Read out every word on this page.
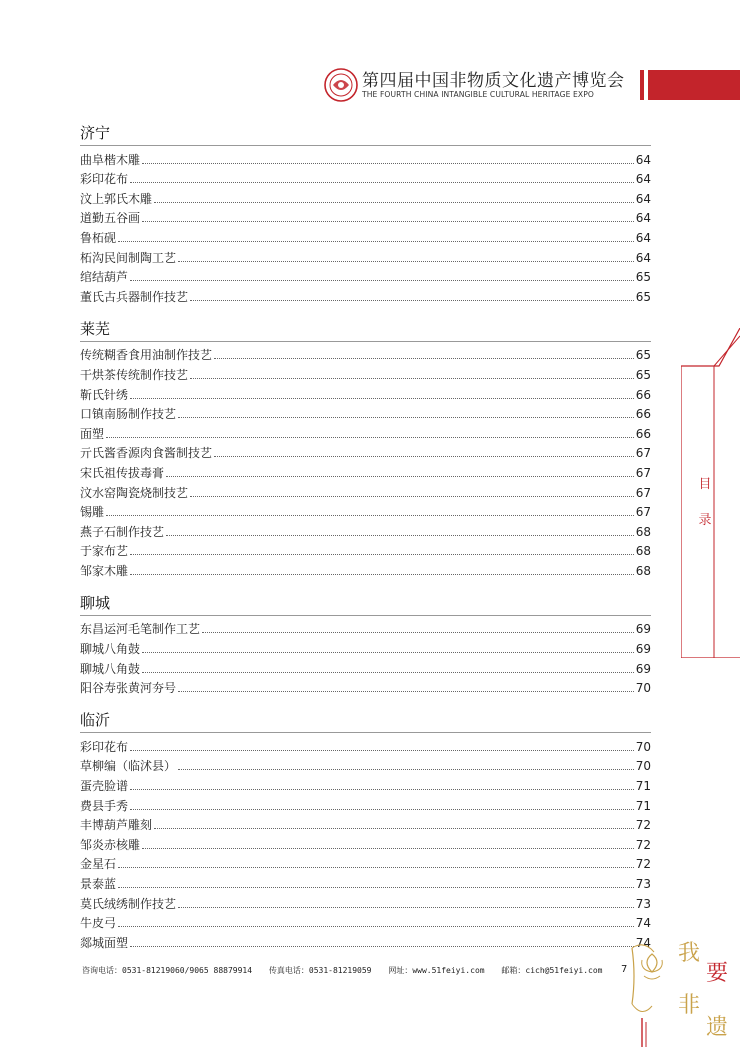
第四届中国非物质文化遗产博览会
THE FOURTH CHINA INTANGIBLE CULTURAL HERITAGE EXPO
济宁
曲阜楷木雕	64
彩印花布	64
汶上郭氏木雕	64
道勤五谷画	64
鲁柘砚	64
柘沟民间制陶工艺	64
绾结葫芦	65
董氏古兵器制作技艺	65
莱芜
传统糊香食用油制作技艺	65
干烘茶传统制作技艺	65
靳氏针绣	66
口镇南肠制作技艺	66
面塑	66
亓氏酱香源肉食酱制技艺	67
宋氏祖传拔毒膏	67
汶水窑陶瓷烧制技艺	67
锡雕	67
燕子石制作技艺	68
于家布艺	68
邹家木雕	68
聊城
东昌运河毛笔制作工艺	69
聊城八角鼓	69
聊城八角鼓	69
阳谷寿张黄河夯号	70
临沂
彩印花布	70
草柳编（临沭县）	70
蛋壳脸谱	71
费县手秀	71
丰博葫芦雕刻	72
邹炎赤核雕	72
金星石	72
景泰蓝	73
莫氏绒绣制作技艺	73
牛皮弓	74
郯城面塑	74
目
录
咨询电话：0531-81219060/9065 88879914 传真电话：0531-81219059 网址：www.51feiyi.com 邮箱：cich@51feiyi.com	7
我
要
非
遗
